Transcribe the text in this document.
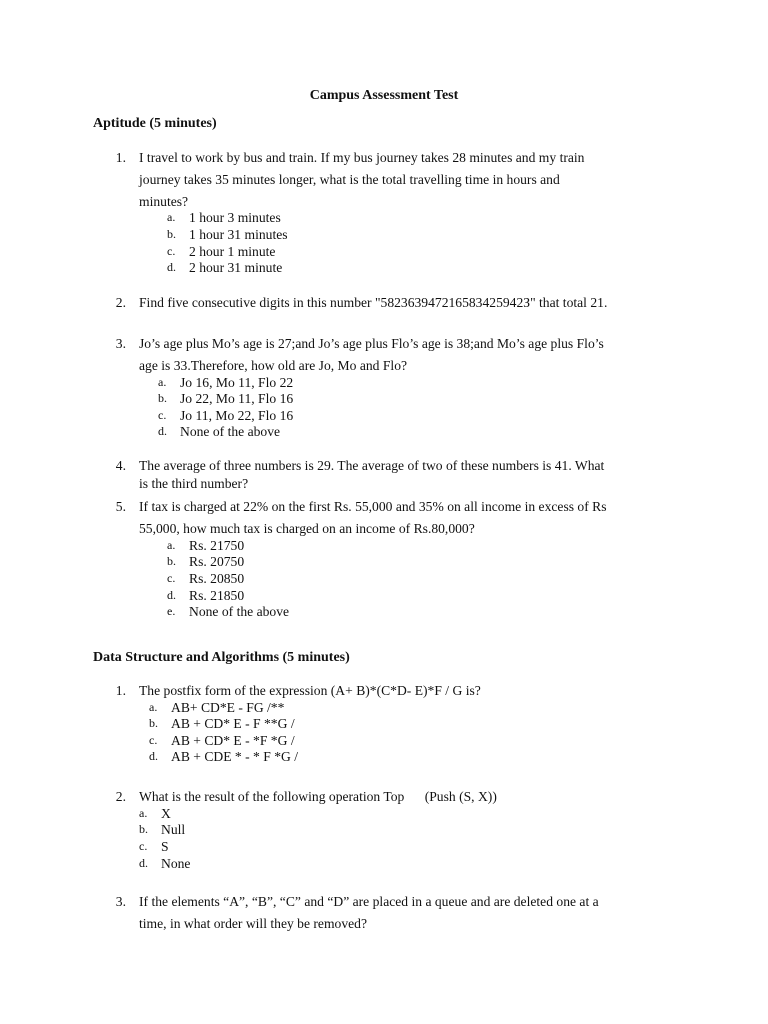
Campus Assessment Test
Aptitude (5 minutes)
1. I travel to work by bus and train. If my bus journey takes 28 minutes and my train
journey takes 35 minutes longer, what is the total travelling time in hours and
minutes?
a.	1 hour 3 minutes
b. 1 hour 31 minutes
c.	2 hour 1 minute
d. 2 hour 31 minute
2. Find five consecutive digits in this number "582363947216583425942З" that total 21.
3. Jo’s age plus Mo’s age is 27;and Jo’s age plus Flo’s age is 38;and Mo’s age plus Flo’s
age is 33.Therefore, how old are Jo, Mo and Flo?
a.	Jo 16, Mo 11, Flo 22
b. Jo 22, Mo 11, Flo 16
c.	Jo 11, Mo 22, Flo 16
d. None of the above
4. The average of three numbers is 29. The average of two of these numbers is 41. What
is the third number?
5. If tax is charged at 22% on the first Rs. 55,000 and 35% on all income in excess of Rs
55,000, how much tax is charged on an income of Rs.80,000?
a.	Rs. 21750
b. Rs. 20750
c.	Rs. 20850
d. Rs. 21850
e.	None of the above
Data Structure and Algorithms (5 minutes)
1. The postfix form of the expression (A+ B)*(C*D- E)*F / G is?
a.	AB+ CD*E - FG /**
b. AB + CD* E - F **G /
c.	AB + CD* E - *F *G /
d. AB + CDE * - * F *G /
2. What is the result of the following operation Top      (Push (S, X))
a.	X
b. Null
c.	S
d. None
3. If the elements “A”, “B”, “C” and “D” are placed in a queue and are deleted one at a
time, in what order will they be removed?
